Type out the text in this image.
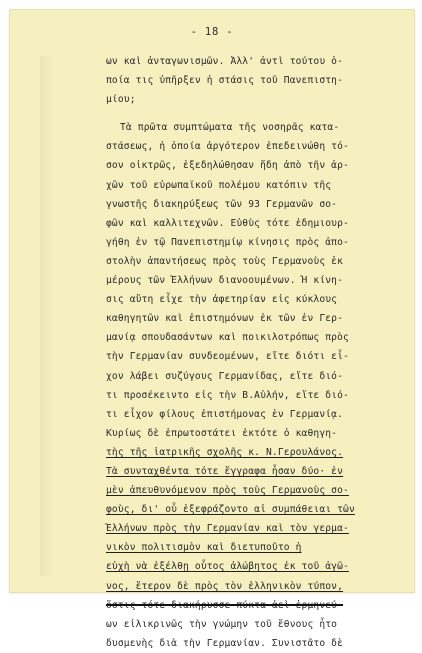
- 18 -
ων καὶ ἀνταγωνισμῶν. Ἀλλ' ἀντὶ τούτου ὁ-
ποία τις ὑπῆρξεν ἡ στάσις τοῦ Πανεπιστη-
μίου;
Τὰ πρῶτα συμπτώματα τῆς νοσηρᾶς κατα-
στάσεως, ἡ ὁποία ἀργότερον ἐπεδεινώθη τό-
σον οἰκτρῶς, ἐξεδηλώθησαν ἤδη ἀπὸ τῆν ἀρ-
χῶν τοῦ εὐρωπαϊκοῦ πολέμου κατόπιν τῆς
γνωστῆς διακηρύξεως τῶν 93 Γερμανῶν σο-
φῶν καὶ καλλιτεχνῶν. Εὐθὺς τότε ἐδημιουρ-
γήθη ἐν τῷ Πανεπιστημίῳ κίνησις πρὸς ἀπο-
στολὴν ἀπαντήσεως πρὸς τοὺς Γερμανοὺς ἐκ
μέρους τῶν Ἑλλήνων διανοουμένων. Ἡ κίνη-
σις αὕτη εἶχε τὴν ἀφετηρίαν εἰς κύκλους
καθηγητῶν καὶ ἐπιστημόνων ἐκ τῶν ἐν Γερ-
μανίᾳ σπουδασάντων καὶ ποικιλοτρόπως πρὸς
τὴν Γερμανίαν συνδεομένων, εἴτε διότι εἶ-
χον λάβει συζύγους Γερμανίδας, εἴτε διό-
τι προσέκειντο εἰς τὴν Β.Αὐλήν, εἴτε διό-
τι εἶχον φίλους ἐπιστήμονας ἐν Γερμανίᾳ.
Κυρίως δὲ ἐπρωτοστάτει ἐκτότε ὁ καθηγη-
τὴς τῆς ἰατρικῆς σχολῆς κ. Ν.Γερουλάνος.
Τὰ συνταχθέντα τότε ἔγγραφα ἦσαν δύο· ἐν
μὲν ἀπευθυνόμενον πρὸς τοὺς Γερμανοὺς σο-
φοὺς, δι' οὗ ἐξεφράζοντο αἱ συμπάθειαι τῶν
Ἑλλήνων πρὸς τὴν Γερμανίαν καὶ τὸν γερμα-
νικὸν πολιτισμὸν καὶ διετυποῦτο ἡ
εὐχὴ νὰ ἐξέλθῃ οὗτος ἀλώβητος ἐκ τοῦ ἀγῶ-
νος, ἕτερον δὲ πρὸς τὸν ἑλληνικὸν τύπον,
ὅστις τότε διακήρυσσε πύκτα ἀεὶ ἑρμηνεύ-
ων εἰλικρινῶς τὴν γνώμην τοῦ ἔθνους ἦτο
δυσμενὴς διὰ τὴν Γερμανίαν. Συνιστᾶτο δὲ
